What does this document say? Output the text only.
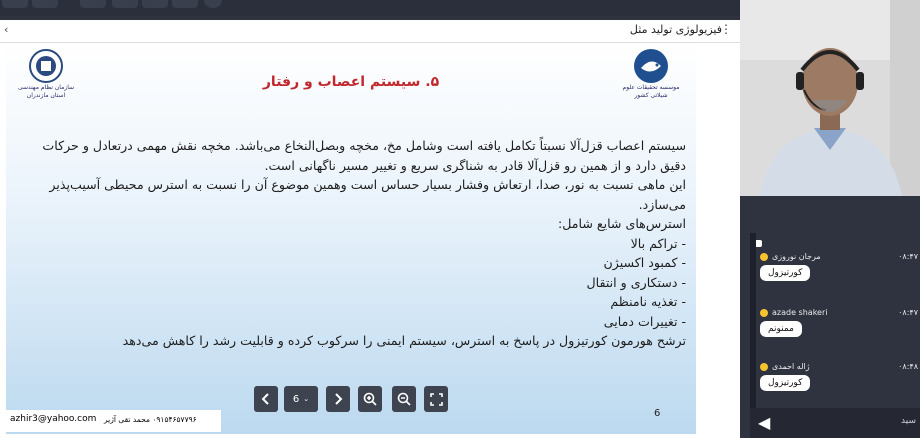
‹	فیزیولوژی تولید مثل
⋮
سازمان نظام مهندسی
استان مازندران
موسسه تحقیقات علوم
شیلاتی کشور
۵. سیستم اعصاب و رفتار

سیستم اعصاب قزل‌آلا نسبتاً تکامل یافته است وشامل مخ، مخچه وبصل‌النخاع می‌باشد. مخچه نقش مهمی درتعادل و حرکات دقیق دارد و از همین رو قزل‌آلا قادر به شناگری سریع و تغییر مسیر ناگهانی است.

این ماهی نسبت به نور، صدا، ارتعاش وفشار بسیار حساس است وهمین موضوع آن را نسبت به استرس محیطی آسیب‌پذیر می‌سازد.

استرس‌های شایع شامل:

- تراکم بالا

- کمبود اکسیژن

- دستکاری و انتقال

- تغذیه نامنظم

- تغییرات دمایی

ترشح هورمون کورتیزول در پاسخ به استرس، سیستم ایمنی را سرکوب کرده و قابلیت رشد را کاهش می‌دهد

6
azhir3@yahoo.com ۰۹۱۵۴۶۵۷۷۹۶ محمد تقی آژیر
6 ⌄
مرجان نوروزی	۰۸:۴۷
کورتیزول
azade shakeri	۰۸:۴۷
ممنونم
ژاله احمدی	۰۸:۴۸
کورتیزول
◀	سید
